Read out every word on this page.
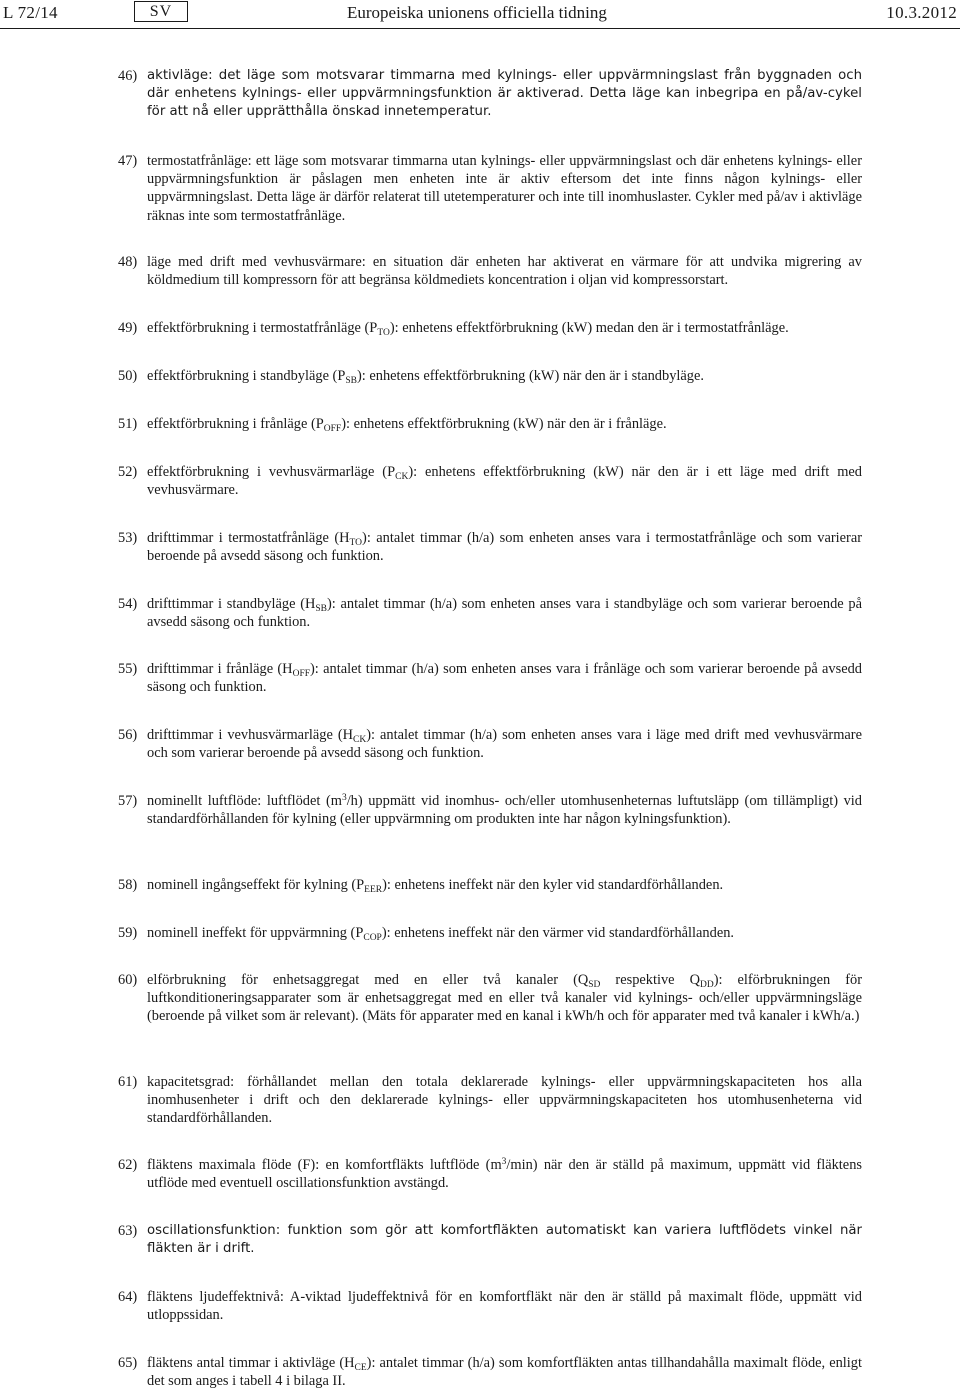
L 72/14	SV	Europeiska unionens officiella tidning	10.3.2012
46) aktivläge: det läge som motsvarar timmarna med kylnings- eller uppvärmningslast från byggnaden och där enhetens kylnings- eller uppvärmningsfunktion är aktiverad. Detta läge kan inbegripa en på/av-cykel för att nå eller upprätthålla önskad innetemperatur.
47) termostatfrånläge: ett läge som motsvarar timmarna utan kylnings- eller uppvärmningslast och där enhetens kylnings- eller uppvärmningsfunktion är påslagen men enheten inte är aktiv eftersom det inte finns någon kylnings- eller uppvärmningslast. Detta läge är därför relaterat till utetemperaturer och inte till inomhuslaster. Cykler med på/av i aktivläge räknas inte som termostatfrånläge.
48) läge med drift med vevhusvärmare: en situation där enheten har aktiverat en värmare för att undvika migrering av köldmedium till kompressorn för att begränsa köldmediets koncentration i oljan vid kompressorstart.
49) effektförbrukning i termostatfrånläge $(P_{TO})$: enhetens effektförbrukning (kW) medan den är i termostatfrånläge.
50) effektförbrukning i standbyläge $(P_{SB})$: enhetens effektförbrukning (kW) när den är i standbyläge.
51) effektförbrukning i frånläge $(P_{OFF})$: enhetens effektförbrukning (kW) när den är i frånläge.
52) effektförbrukning i vevhusvärmarläge $(P_{CK})$: enhetens effektförbrukning (kW) när den är i ett läge med drift med vevhusvärmare.
53) drifttimmar i termostatfrånläge $(H_{TO})$: antalet timmar (h/a) som enheten anses vara i termostatfrånläge och som varierar beroende på avsedd säsong och funktion.
54) drifttimmar i standbyläge $(H_{SB})$: antalet timmar (h/a) som enheten anses vara i standbyläge och som varierar beroende på avsedd säsong och funktion.
55) drifttimmar i frånläge $(H_{OFF})$: antalet timmar (h/a) som enheten anses vara i frånläge och som varierar beroende på avsedd säsong och funktion.
56) drifttimmar i vevhusvärmarläge $(H_{CK})$: antalet timmar (h/a) som enheten anses vara i läge med drift med vevhusvärmare och som varierar beroende på avsedd säsong och funktion.
57) nominellt luftflöde: luftflödet $(m^3/h)$ uppmätt vid inomhus- och/eller utomhusenheternas luftutsläpp (om tillämpligt) vid standardförhållanden för kylning (eller uppvärmning om produkten inte har någon kylningsfunktion).
58) nominell ingångseffekt för kylning $(P_{EER})$: enhetens ineffekt när den kyler vid standardförhållanden.
59) nominell ineffekt för uppvärmning $(P_{COP})$: enhetens ineffekt när den värmer vid standardförhållanden.
60) elförbrukning för enhetsaggregat med en eller två kanaler ($Q_{SD}$ respektive $Q_{DD}$): elförbrukningen för luftkonditioneringsapparater som är enhetsaggregat med en eller två kanaler vid kylnings- och/eller uppvärmningsläge (beroende på vilket som är relevant). (Mäts för apparater med en kanal i kWh/h och för apparater med två kanaler i kWh/a.)
61) kapacitetsgrad: förhållandet mellan den totala deklarerade kylnings- eller uppvärmningskapaciteten hos alla inomhusenheter i drift och den deklarerade kylnings- eller uppvärmningskapaciteten hos utomhusenheterna vid standardförhållanden.
62) fläktens maximala flöde (F): en komfortfläkts luftflöde $(m^3/\min)$ när den är ställd på maximum, uppmätt vid fläktens utflöde med eventuell oscillationsfunktion avstängd.
63) oscillationsfunktion: funktion som gör att komfortfläkten automatiskt kan variera luftflödets vinkel när fläkten är i drift.
64) fläktens ljudeffektnivå: A-viktad ljudeffektnivå för en komfortfläkt när den är ställd på maximalt flöde, uppmätt vid utloppssidan.
65) fläktens antal timmar i aktivläge $(H_{CE})$: antalet timmar (h/a) som komfortfläkten antas tillhandahålla maximalt flöde, enligt det som anges i tabell 4 i bilaga II.
